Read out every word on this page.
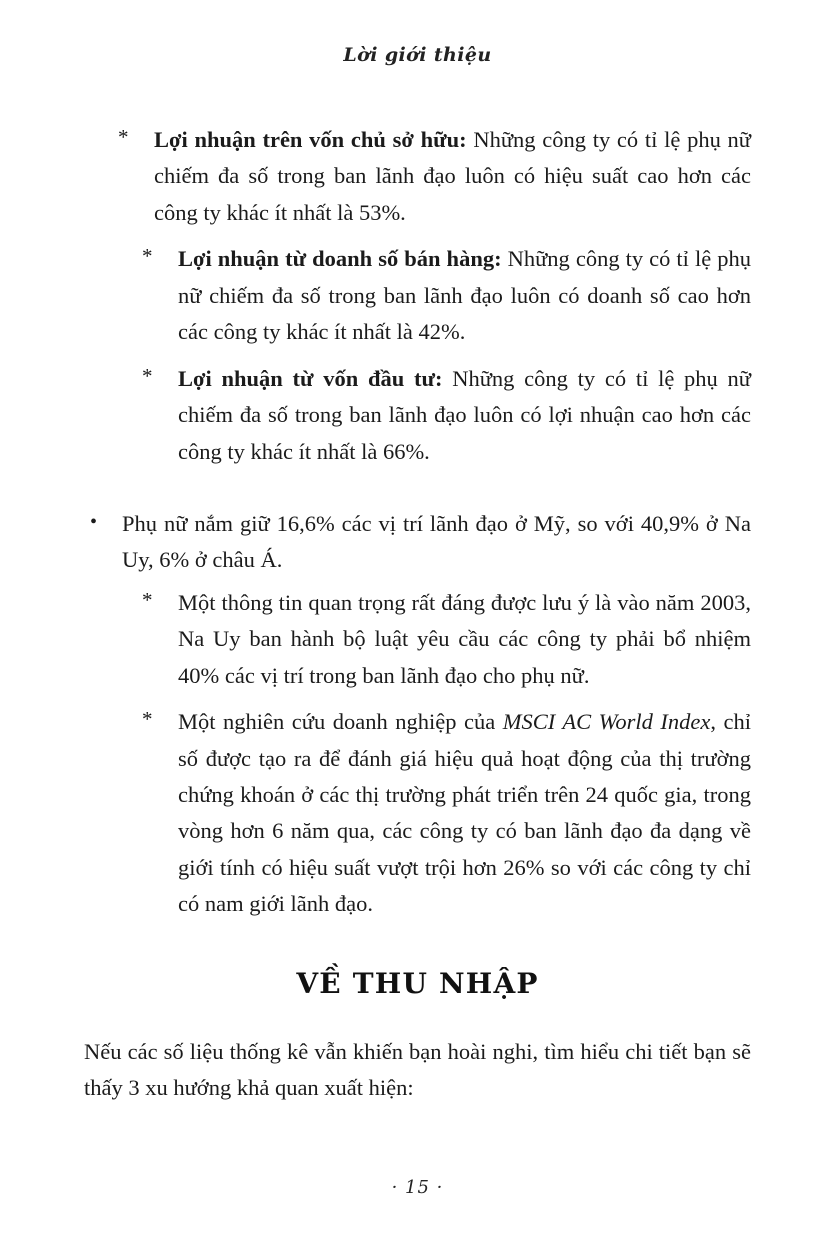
Lời giới thiệu
* Lợi nhuận trên vốn chủ sở hữu: Những công ty có tỉ lệ phụ nữ chiếm đa số trong ban lãnh đạo luôn có hiệu suất cao hơn các công ty khác ít nhất là 53%.
* Lợi nhuận từ doanh số bán hàng: Những công ty có tỉ lệ phụ nữ chiếm đa số trong ban lãnh đạo luôn có doanh số cao hơn các công ty khác ít nhất là 42%.
* Lợi nhuận từ vốn đầu tư: Những công ty có tỉ lệ phụ nữ chiếm đa số trong ban lãnh đạo luôn có lợi nhuận cao hơn các công ty khác ít nhất là 66%.
• Phụ nữ nắm giữ 16,6% các vị trí lãnh đạo ở Mỹ, so với 40,9% ở Na Uy, 6% ở châu Á.
* Một thông tin quan trọng rất đáng được lưu ý là vào năm 2003, Na Uy ban hành bộ luật yêu cầu các công ty phải bổ nhiệm 40% các vị trí trong ban lãnh đạo cho phụ nữ.
* Một nghiên cứu doanh nghiệp của MSCI AC World Index, chỉ số được tạo ra để đánh giá hiệu quả hoạt động của thị trường chứng khoán ở các thị trường phát triển trên 24 quốc gia, trong vòng hơn 6 năm qua, các công ty có ban lãnh đạo đa dạng về giới tính có hiệu suất vượt trội hơn 26% so với các công ty chỉ có nam giới lãnh đạo.
VỀ THU NHẬP

Nếu các số liệu thống kê vẫn khiến bạn hoài nghi, tìm hiểu chi tiết bạn sẽ thấy 3 xu hướng khả quan xuất hiện:

· 15 ·
